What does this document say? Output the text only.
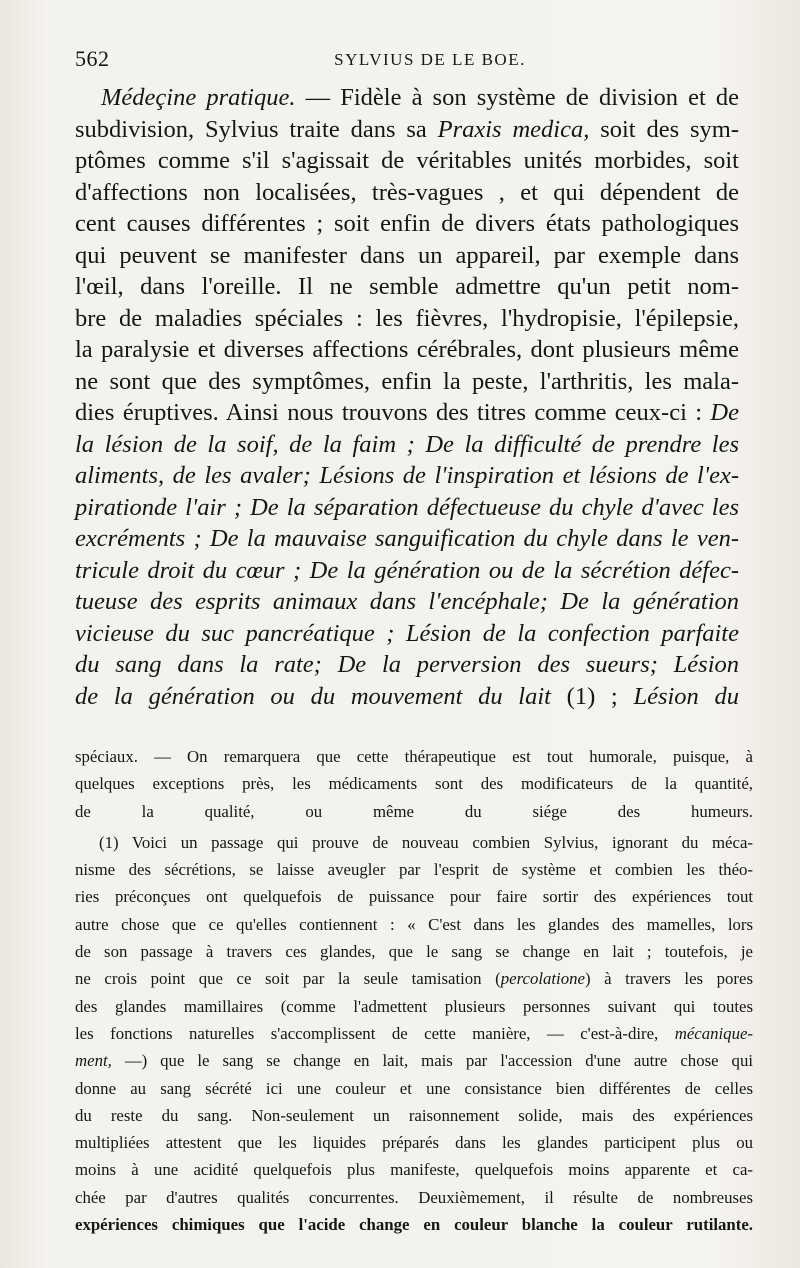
562	SYLVIUS DE LE BOE.
Médeçine pratique. — Fidèle à son système de division et de
subdivision, Sylvius traite dans sa Praxis medica, soit des sym-
ptômes comme s'il s'agissait de véritables unités morbides, soit
d'affections non localisées, très-vagues , et qui dépendent de
cent causes différentes ; soit enfin de divers états pathologiques
qui peuvent se manifester dans un appareil, par exemple dans
l'œil, dans l'oreille. Il ne semble admettre qu'un petit nom-
bre de maladies spéciales : les fièvres, l'hydropisie, l'épilepsie,
la paralysie et diverses affections cérébrales, dont plusieurs même
ne sont que des symptômes, enfin la peste, l'arthritis, les mala-
dies éruptives. Ainsi nous trouvons des titres comme ceux-ci : De
la lésion de la soif, de la faim ; De la difficulté de prendre les
aliments, de les avaler; Lésions de l'inspiration et lésions de l'ex-
pirationde l'air ; De la séparation défectueuse du chyle d'avec les
excréments ; De la mauvaise sanguification du chyle dans le ven-
tricule droit du cœur ; De la génération ou de la sécrétion défec-
tueuse des esprits animaux dans l'encéphale; De la génération
vicieuse du suc pancréatique ; Lésion de la confection parfaite
du sang dans la rate; De la perversion des sueurs; Lésion
de la génération ou du mouvement du lait (1) ; Lésion du
spéciaux. — On remarquera que cette thérapeutique est tout humorale, puisque, à
quelques exceptions près, les médicaments sont des modificateurs de la quantité,
de la qualité, ou même du siége des humeurs.
(1) Voici un passage qui prouve de nouveau combien Sylvius, ignorant du méca-
nisme des sécrétions, se laisse aveugler par l'esprit de système et combien les théo-
ries préconçues ont quelquefois de puissance pour faire sortir des expériences tout
autre chose que ce qu'elles contiennent : « C'est dans les glandes des mamelles, lors
de son passage à travers ces glandes, que le sang se change en lait ; toutefois, je
ne crois point que ce soit par la seule tamisation (percolatione) à travers les pores
des glandes mamillaires (comme l'admettent plusieurs personnes suivant qui toutes
les fonctions naturelles s'accomplissent de cette manière, — c'est-à-dire, mécanique-
ment, —) que le sang se change en lait, mais par l'accession d'une autre chose qui
donne au sang sécrété ici une couleur et une consistance bien différentes de celles
du reste du sang. Non-seulement un raisonnement solide, mais des expériences
multipliées attestent que les liquides préparés dans les glandes participent plus ou
moins à une acidité quelquefois plus manifeste, quelquefois moins apparente et ca-
chée par d'autres qualités concurrentes. Deuxièmement, il résulte de nombreuses
expériences chimiques que l'acide change en couleur blanche la couleur rutilante.
